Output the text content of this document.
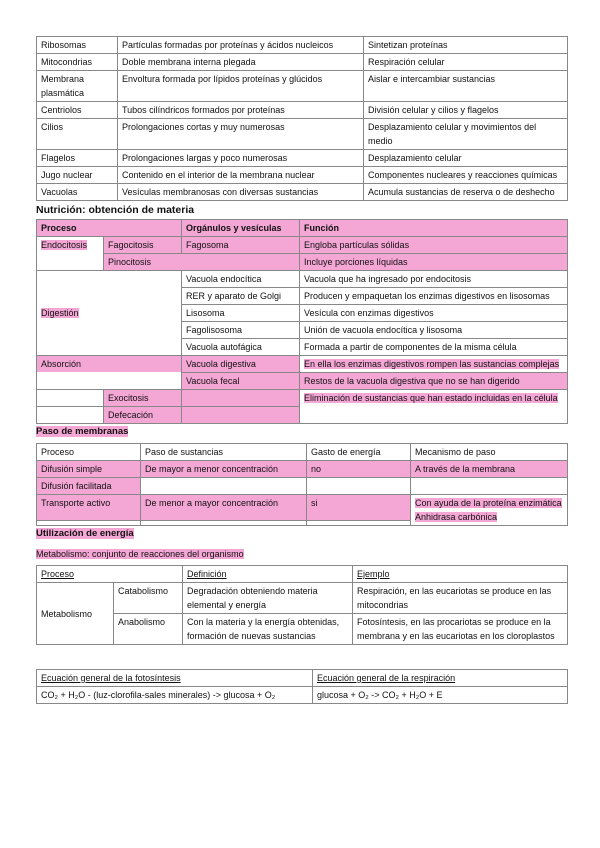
Ribosomas	Partículas formadas por proteínas y ácidos nucleicos	Sintetizan proteínas
Mitocondrias	Doble membrana interna plegada	Respiración celular
Membrana plasmática	Envoltura formada por lípidos proteínas y glúcidos	Aislar e intercambiar sustancias
Centriolos	Tubos cilíndricos formados por proteínas	División celular y cilios y flagelos
Cilios	Prolongaciones cortas y muy numerosas	Desplazamiento celular y movimientos del medio
Flagelos	Prolongaciones largas y poco numerosas	Desplazamiento celular
Jugo nuclear	Contenido en el interior de la membrana nuclear	Componentes nucleares y reacciones químicas
Vacuolas	Vesículas membranosas con diversas sustancias	Acumula sustancias de reserva o de deshecho
Nutrición: obtención de materia
Proceso		Orgánulos y vesículas	Función
Endocitosis	Fagocitosis	Fagosoma	Engloba partículas sólidas
	Pinocitosis		Incluye porciones líquidas
Digestión		Vacuola endocítica	Vacuola que ha ingresado por endocitosis
		RER y aparato de Golgi	Producen y empaquetan los enzimas digestivos en lisosomas
		Lisosoma	Vesícula con enzimas digestivos
		Fagolisosoma	Unión de vacuola endocítica y lisosoma
		Vacuola autofágica	Formada a partir de componentes de la misma célula

Absorción		Vacuola digestiva	En ella los enzimas digestivos rompen las sustancias complejas
		Vacuola fecal	Restos de la vacuola digestiva que no se han digerido
	Exocitosis		Eliminación de sustancias que han estado incluidas en la célula
	Defecación		
Paso de membranas
Proceso	Paso de sustancias	Gasto de energía	Mecanismo de paso
Difusión simple	De mayor a menor concentración	no	A través de la membrana
Difusión facilitada			
Transporte activo	De menor a mayor concentración	si	Con ayuda de la proteína enzimática Anhidrasa carbónica

Utilización de energía
Metabolismo: conjunto de reacciones del organismo
Proceso		Definición	Ejemplo
Metabolismo	Catabolismo	Degradación obteniendo materia elemental y energía	Respiración, en las eucariotas se produce en las mitocondrias
	Anabolismo	Con la materia y la energía obtenidas, formación de nuevas sustancias	Fotosíntesis, en las procariotas se produce en la membrana y en las eucariotas en los cloroplastos
Ecuación general de la fotosíntesis	Ecuación general de la respiración
CO₂ + H₂O - (luz-clorofila-sales minerales) -> glucosa + O₂	glucosa + O₂ -> CO₂ + H₂O + E
